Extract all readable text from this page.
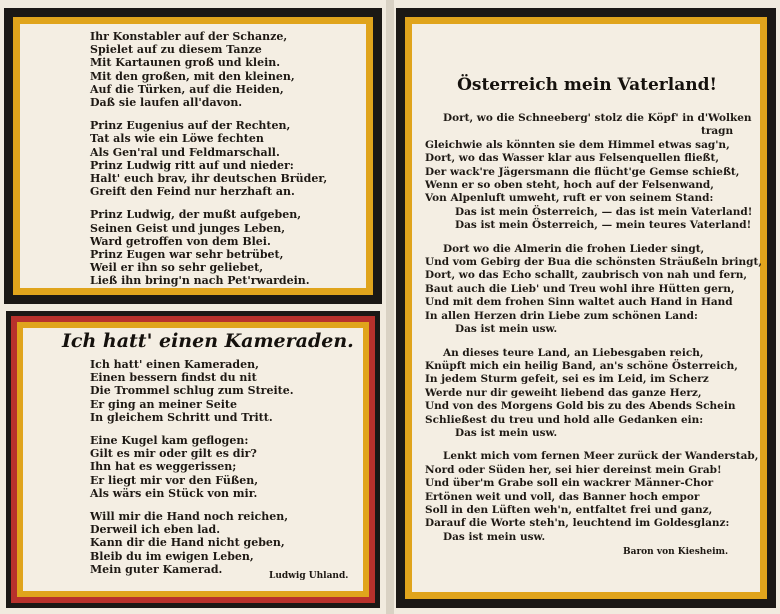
Ihr Konstabler auf der Schanze,
Spielet auf zu diesem Tanze
Mit Kartaunen groß und klein.
Mit den großen, mit den kleinen,
Auf die Türken, auf die Heiden,
Daß sie laufen all'davon.
Prinz Eugenius auf der Rechten,
Tat als wie ein Löwe fechten
Als Gen'ral und Feldmarschall.
Prinz Ludwig ritt auf und nieder:
Halt' euch brav, ihr deutschen Brüder,
Greift den Feind nur herzhaft an.
Prinz Ludwig, der mußt aufgeben,
Seinen Geist und junges Leben,
Ward getroffen von dem Blei.
Prinz Eugen war sehr betrübet,
Weil er ihn so sehr geliebet,
Ließ ihn bring'n nach Pet'rwardein.
Ich hatt' einen Kameraden.
Ich hatt' einen Kameraden,
Einen bessern findst du nit
Die Trommel schlug zum Streite.
Er ging an meiner Seite
In gleichem Schritt und Tritt.
Eine Kugel kam geflogen:
Gilt es mir oder gilt es dir?
Ihn hat es weggerissen;
Er liegt mir vor den Füßen,
Als wärs ein Stück von mir.
Will mir die Hand noch reichen,
Derweil ich eben lad.
Kann dir die Hand nicht geben,
Bleib du im ewigen Leben,
Mein guter Kamerad.
Ludwig Uhland.
Österreich mein Vaterland!
Dort, wo die Schneeberg' stolz die Köpf' in d'Wolken
tragn
Gleichwie als könnten sie dem Himmel etwas sag'n,
Dort, wo das Wasser klar aus Felsenquellen fließt,
Der wack're Jägersmann die flücht'ge Gemse schießt,
Wenn er so oben steht, hoch auf der Felsenwand,
Von Alpenluft umweht, ruft er von seinem Stand:
Das ist mein Österreich, — das ist mein Vaterland!
Das ist mein Österreich, — mein teures Vaterland!
Dort wo die Almerin die frohen Lieder singt,
Und vom Gebirg der Bua die schönsten Sträußeln bringt,
Dort, wo das Echo schallt, zaubrisch von nah und fern,
Baut auch die Lieb' und Treu wohl ihre Hütten gern,
Und mit dem frohen Sinn waltet auch Hand in Hand
In allen Herzen drin Liebe zum schönen Land:
Das ist mein usw.
An dieses teure Land, an Liebesgaben reich,
Knüpft mich ein heilig Band, an's schöne Österreich,
In jedem Sturm gefeit, sei es im Leid, im Scherz
Werde nur dir geweiht liebend das ganze Herz,
Und von des Morgens Gold bis zu des Abends Schein
Schließest du treu und hold alle Gedanken ein:
Das ist mein usw.
Lenkt mich vom fernen Meer zurück der Wanderstab,
Nord oder Süden her, sei hier dereinst mein Grab!
Und über'm Grabe soll ein wackrer Männer-Chor
Ertönen weit und voll, das Banner hoch empor
Soll in den Lüften weh'n, entfaltet frei und ganz,
Darauf die Worte steh'n, leuchtend im Goldesglanz:
Das ist mein usw.
Baron von Kiesheim.
